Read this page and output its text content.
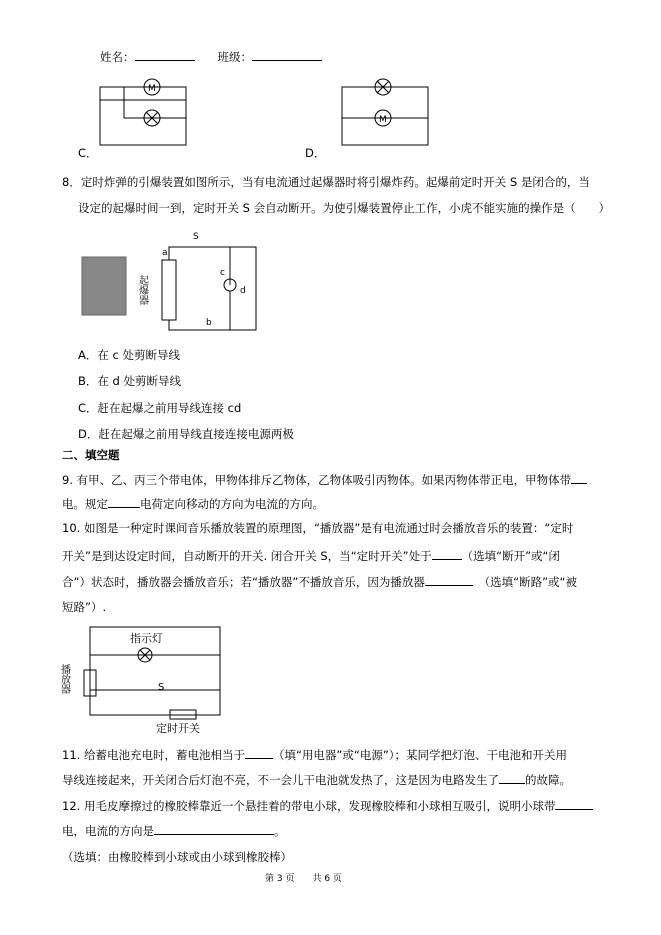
姓名：　　	班级：
M
M
C．	D．
8．定时炸弹的引爆装置如图所示，当有电流通过起爆器时将引爆炸药。起爆前定时开关 S 是闭合的，当
设定的起爆时间一到，定时开关 S 会自动断开。为使引爆装置停止工作，小虎不能实施的操作是（　　）
起爆器
a
S
c
d
b
A．在 c 处剪断导线
B．在 d 处剪断导线
C．赶在起爆之前用导线连接 cd
D．赶在起爆之前用导线直接连接电源两极
二、填空题
9. 有甲、乙、丙三个带电体，甲物体排斥乙物体，乙物体吸引丙物体。如果丙物体带正电，甲物体带
电。规定	电荷定向移动的方向为电流的方向。
10. 如图是一种定时课间音乐播放装置的原理图，“播放器”是有电流通过时会播放音乐的装置：“定时
开关”是到达设定时间，自动断开的开关. 闭合开关 S，当“定时开关”处于	（选填“断开”或“闭
合”）状态时，播放器会播放音乐；若“播放器”不播放音乐，因为播放器　	（选填“断路”或“被
短路”）.
指示灯
播放器	S
定时开关
11. 给蓄电池充电时，蓄电池相当于 （填“用电器”或“电源”）；某同学把灯泡、干电池和开关用
导线连接起来，开关闭合后灯泡不亮，不一会儿干电池就发热了，这是因为电路发生了 的故障。
12. 用毛皮摩擦过的橡胶棒靠近一个悬挂着的带电小球，发现橡胶棒和小球相互吸引，说明小球带
电，电流的方向是	。
（选填：由橡胶棒到小球或由小球到橡胶棒）
第 3 页　　 共 6 页
